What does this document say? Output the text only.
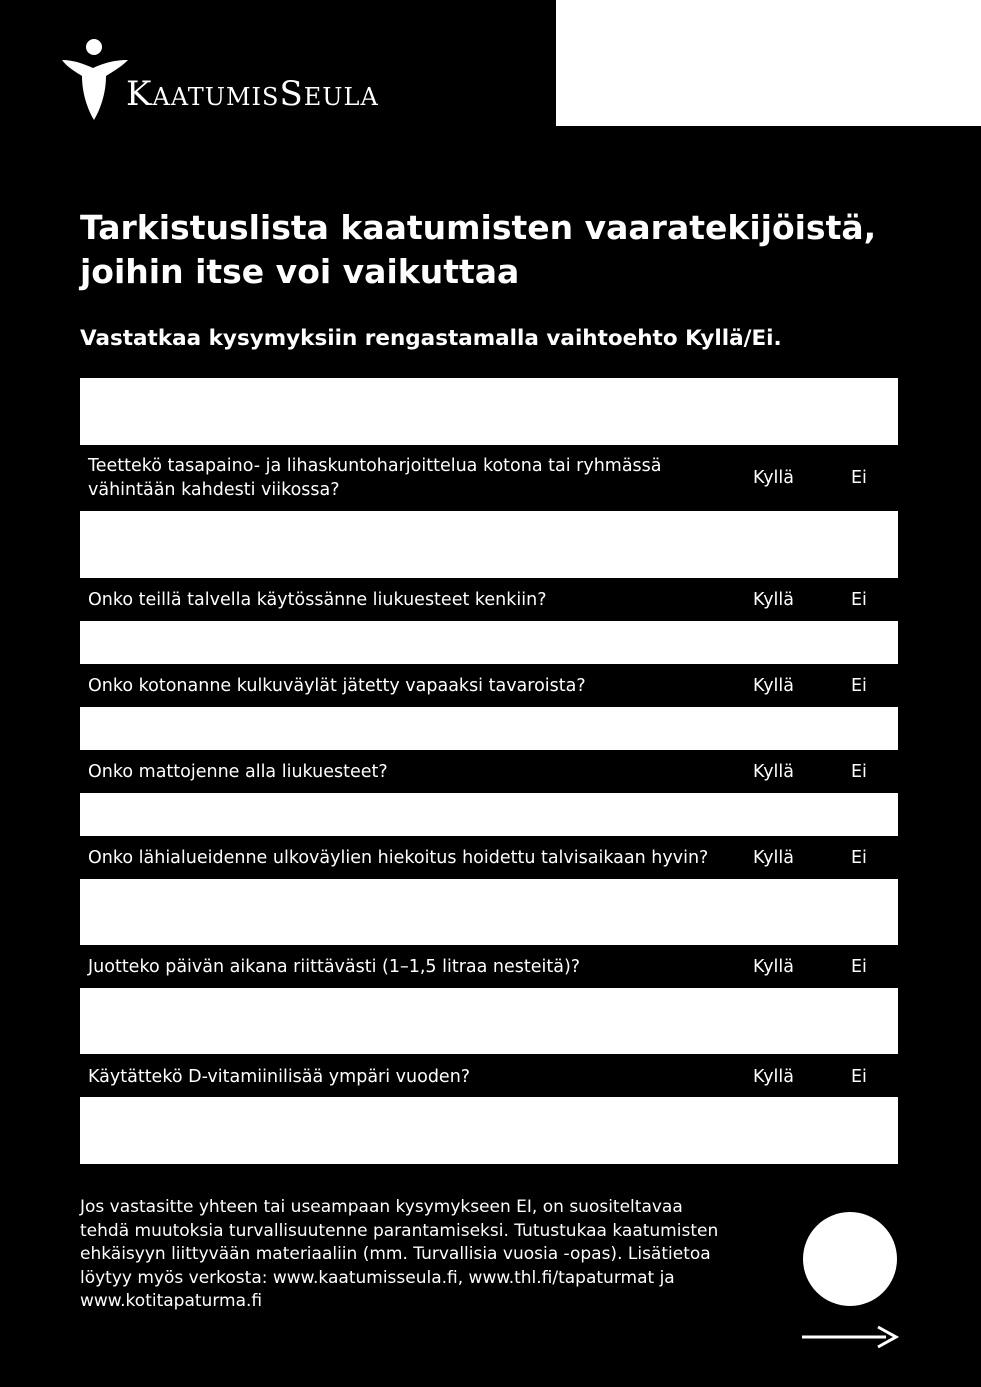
KaatumisSeula
Tarkistuslista kaatumisten vaaratekijöistä,
joihin itse voi vaikuttaa

Vastatkaa kysymyksiin rengastamalla vaihtoehto Kyllä/Ei.

Teettekö tasapaino- ja lihaskuntoharjoittelua kotona tai ryhmässä
vähintään kahdesti viikossa?
Kyllä	Ei
Onko teillä talvella käytössänne liukuesteet kenkiin?	Kyllä	Ei
Onko kotonanne kulkuväylät jätetty vapaaksi tavaroista?	Kyllä	Ei
Onko mattojenne alla liukuesteet?	Kyllä	Ei
Onko lähialueidenne ulkoväylien hiekoitus hoidettu talvisaikaan hyvin?	Kyllä	Ei
Juotteko päivän aikana riittävästi (1–1,5 litraa nesteitä)?	Kyllä	Ei
Käytättekö D-vitamiinilisää ympäri vuoden?	Kyllä	Ei

Jos vastasitte yhteen tai useampaan kysymykseen EI, on suositeltavaa
tehdä muutoksia turvallisuutenne parantamiseksi. Tutustukaa kaatumisten
ehkäisyyn liittyvään materiaaliin (mm. Turvallisia vuosia -opas). Lisätietoa
löytyy myös verkosta: www.kaatumisseula.fi, www.thl.fi/tapaturmat ja
www.kotitapaturma.fi
